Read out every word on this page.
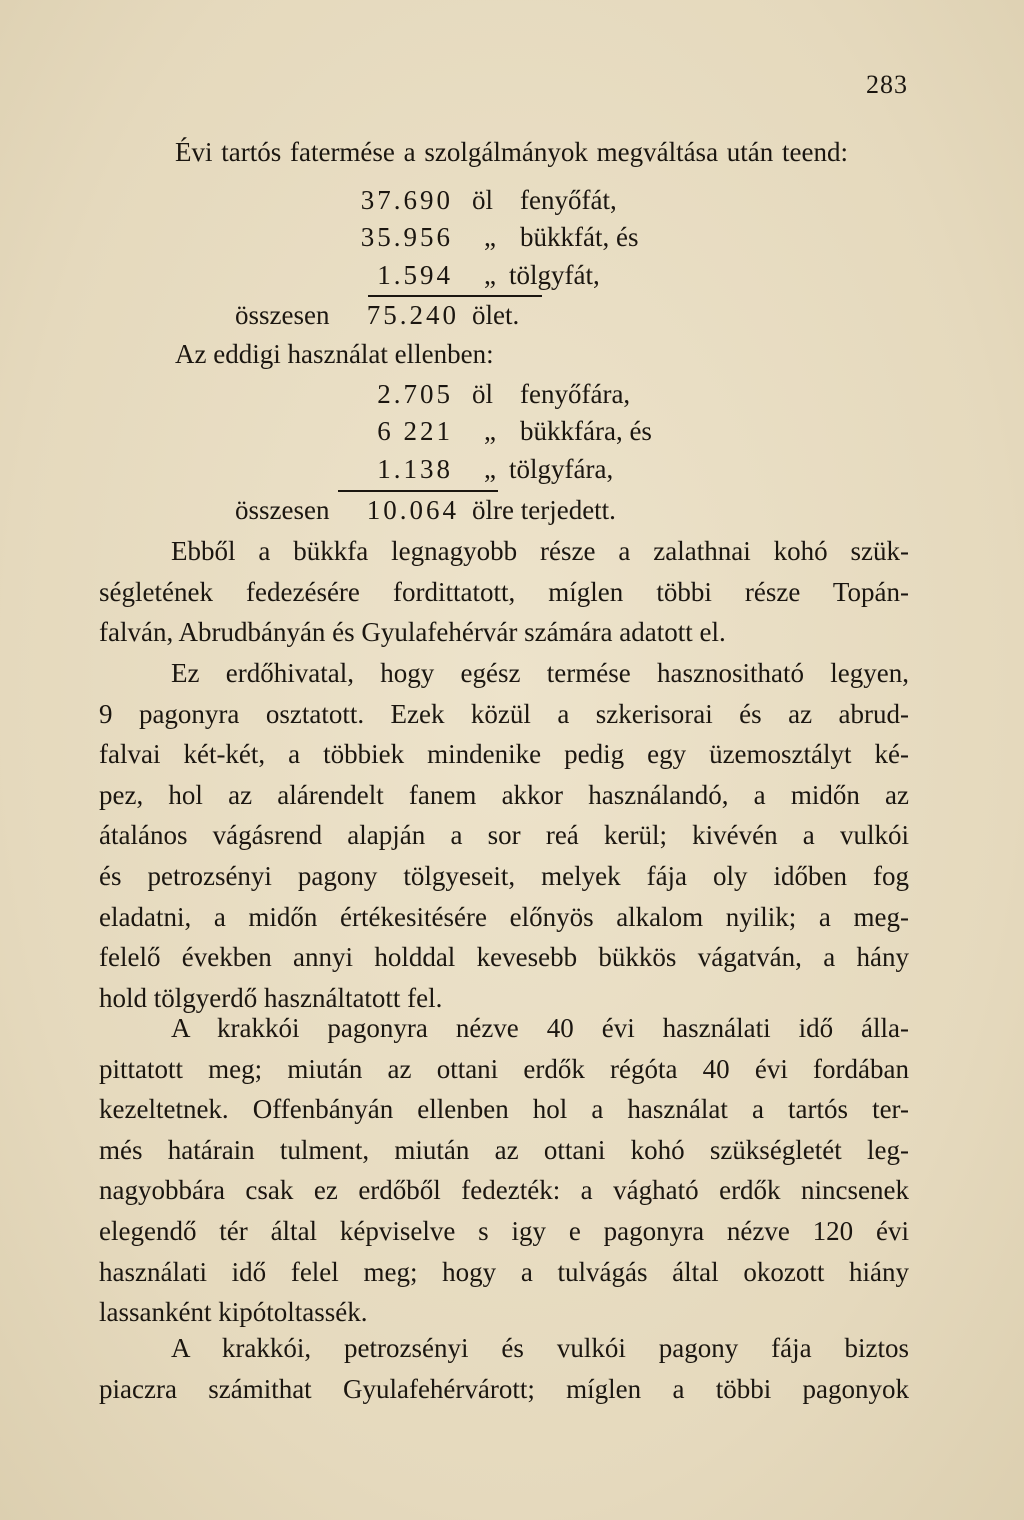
283
Évi tartós fatermése a szolgálmányok megváltása után teend:
37.690 öl fenyőfát,
35.956 „ bükkfát, és
1.594 „ tölgyfát,
összesen	75.240 ölet.
Az eddigi használat ellenben:
2.705 öl fenyőfára,
6 221 „ bükkfára, és
1.138 „ tölgyfára,
összesen	10.064 ölre terjedett.

Ebből a bükkfa legnagyobb része a zalathnai kohó szük-

ségletének fedezésére fordittatott, míglen többi része Topán-

falván, Abrudbányán és Gyulafehérvár számára adatott el.

Ez erdőhivatal, hogy egész termése hasznositható legyen,

9 pagonyra osztatott. Ezek közül a szkerisorai és az abrud-

falvai két-két, a többiek mindenike pedig egy üzemosztályt ké-

pez, hol az alárendelt fanem akkor használandó, a midőn az

átalános vágásrend alapján a sor reá kerül; kivévén a vulkói

és petrozsényi pagony tölgyeseit, melyek fája oly időben fog

eladatni, a midőn értékesitésére előnyös alkalom nyilik; a meg-

felelő években annyi holddal kevesebb bükkös vágatván, a hány

hold tölgyerdő használtatott fel.

A krakkói pagonyra nézve 40 évi használati idő álla-

pittatott meg; miután az ottani erdők régóta 40 évi fordában

kezeltetnek. Offenbányán ellenben hol a használat a tartós ter-

més határain tulment, miután az ottani kohó szükségletét leg-

nagyobbára csak ez erdőből fedezték: a vágható erdők nincsenek

elegendő tér által képviselve s igy e pagonyra nézve 120 évi

használati idő felel meg; hogy a tulvágás által okozott hiány

lassanként kipótoltassék.

A krakkói, petrozsényi és vulkói pagony fája biztos

piaczra számithat Gyulafehérvárott; míglen a többi pagonyok
